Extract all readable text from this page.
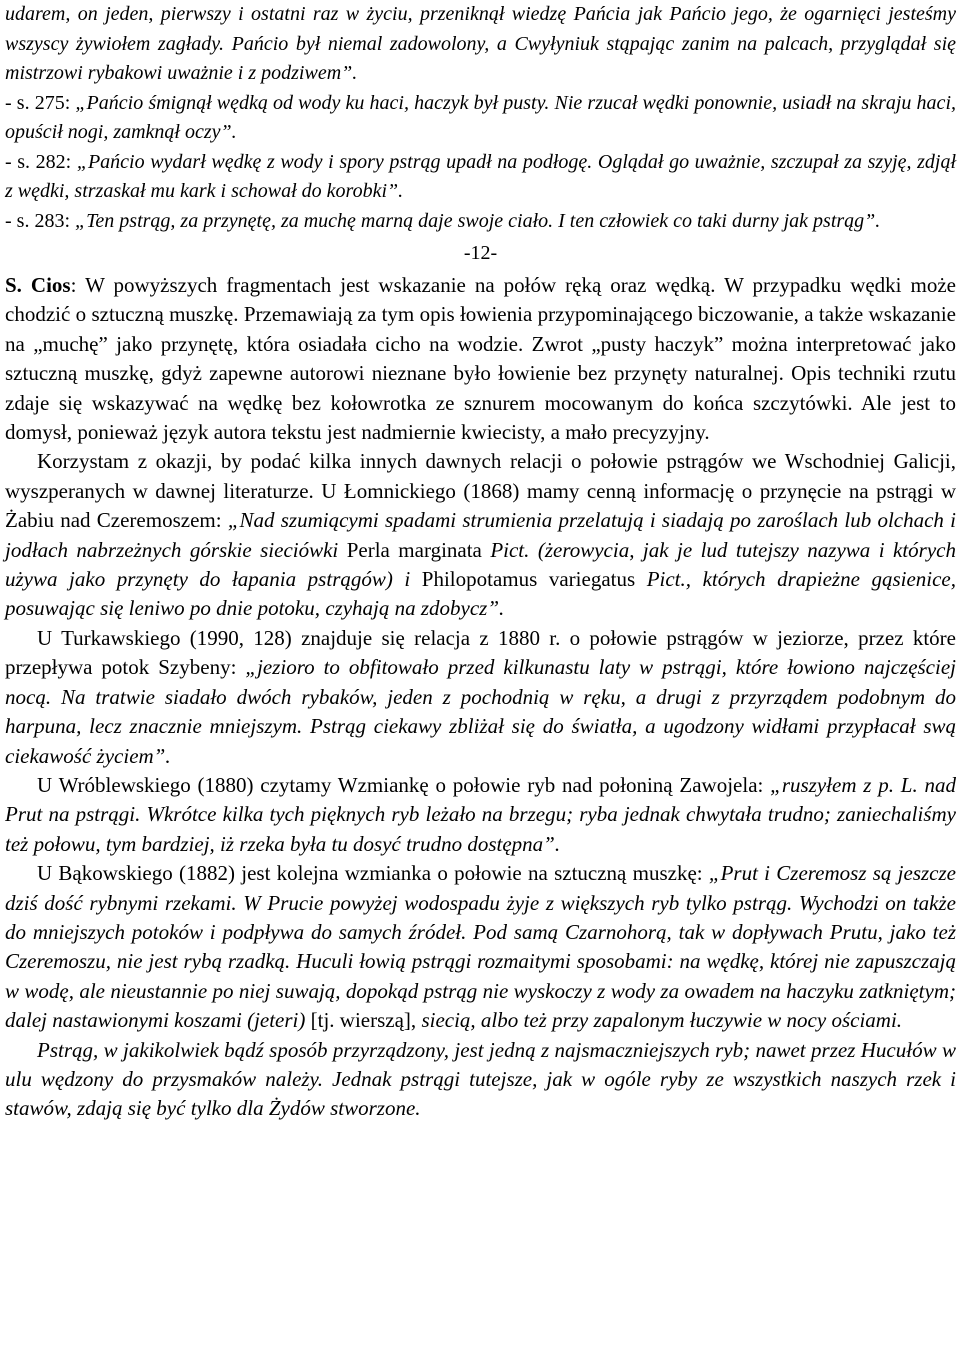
udarem, on jeden, pierwszy i ostatni raz w życiu, przeniknął wiedzę Pańcia jak Pańcio jego, że ogarnięci jesteśmy wszyscy żywiołem zagłady. Pańcio był niemal zadowolony, a Cwyłyniuk stąpając zanim na palcach, przyglądał się mistrzowi rybakowi uważnie i z podziwem”.

- s. 275: „Pańcio śmignął wędką od wody ku haci, haczyk był pusty. Nie rzucał wędki ponownie, usiadł na skraju haci, opuścił nogi, zamknął oczy”.

- s. 282: „Pańcio wydarł wędkę z wody i spory pstrąg upadł na podłogę. Oglądał go uważnie, szczupał za szyję, zdjął z wędki, strzaskał mu kark i schował do korobki”.

- s. 283: „Ten pstrąg, za przynętę, za muchę marną daje swoje ciało. I ten człowiek co taki durny jak pstrąg”.

-12-

S. Cios: W powyższych fragmentach jest wskazanie na połów ręką oraz wędką. W przypadku wędki może chodzić o sztuczną muszkę. Przemawiają za tym opis łowienia przypominającego biczowanie, a także wskazanie na „muchę” jako przynętę, która osiadała cicho na wodzie. Zwrot „pusty haczyk” można interpretować jako sztuczną muszkę, gdyż zapewne autorowi nieznane było łowienie bez przynęty naturalnej. Opis techniki rzutu zdaje się wskazywać na wędkę bez kołowrotka ze sznurem mocowanym do końca szczytówki. Ale jest to domysł, ponieważ język autora tekstu jest nadmiernie kwiecisty, a mało precyzyjny.

Korzystam z okazji, by podać kilka innych dawnych relacji o połowie pstrągów we Wschodniej Galicji, wyszperanych w dawnej literaturze. U Łomnickiego (1868) mamy cenną informację o przynęcie na pstrągi w Żabiu nad Czeremoszem: „Nad szumiącymi spadami strumienia przelatują i siadają po zaroślach lub olchach i jodłach nabrzeżnych górskie sieciówki Perla marginata Pict. (żerowycia, jak je lud tutejszy nazywa i których używa jako przynęty do łapania pstrągów) i Philopotamus variegatus Pict., których drapieżne gąsienice, posuwając się leniwo po dnie potoku, czyhają na zdobycz”.

U Turkawskiego (1990, 128) znajduje się relacja z 1880 r. o połowie pstrągów w jeziorze, przez które przepływa potok Szybeny: „jezioro to obfitowało przed kilkunastu laty w pstrągi, które łowiono najczęściej nocą. Na tratwie siadało dwóch rybaków, jeden z pochodnią w ręku, a drugi z przyrządem podobnym do harpuna, lecz znacznie mniejszym. Pstrąg ciekawy zbliżał się do światła, a ugodzony widłami przypłacał swą ciekawość życiem”.

U Wróblewskiego (1880) czytamy Wzmiankę o połowie ryb nad połoniną Zawojela: „ruszyłem z p. L. nad Prut na pstrągi. Wkrótce kilka tych pięknych ryb leżało na brzegu; ryba jednak chwytała trudno; zaniechaliśmy też połowu, tym bardziej, iż rzeka była tu dosyć trudno dostępna”.

U Bąkowskiego (1882) jest kolejna wzmianka o połowie na sztuczną muszkę: „Prut i Czeremosz są jeszcze dziś dość rybnymi rzekami. W Prucie powyżej wodospadu żyje z większych ryb tylko pstrąg. Wychodzi on także do mniejszych potoków i podpływa do samych źródeł. Pod samą Czarnohorą, tak w dopływach Prutu, jako też Czeremoszu, nie jest rybą rzadką. Huculi łowią pstrągi rozmaitymi sposobami: na wędkę, której nie zapuszczają w wodę, ale nieustannie po niej suwają, dopokąd pstrąg nie wyskoczy z wody za owadem na haczyku zatkniętym; dalej nastawionymi koszami (jeteri) [tj. wierszą], siecią, albo też przy zapalonym łuczywie w nocy ościami.

Pstrąg, w jakikolwiek bądź sposób przyrządzony, jest jedną z najsmaczniejszych ryb; nawet przez Hucułów w ulu wędzony do przysmaków należy. Jednak pstrągi tutejsze, jak w ogóle ryby ze wszystkich naszych rzek i stawów, zdają się być tylko dla Żydów stworzone.
